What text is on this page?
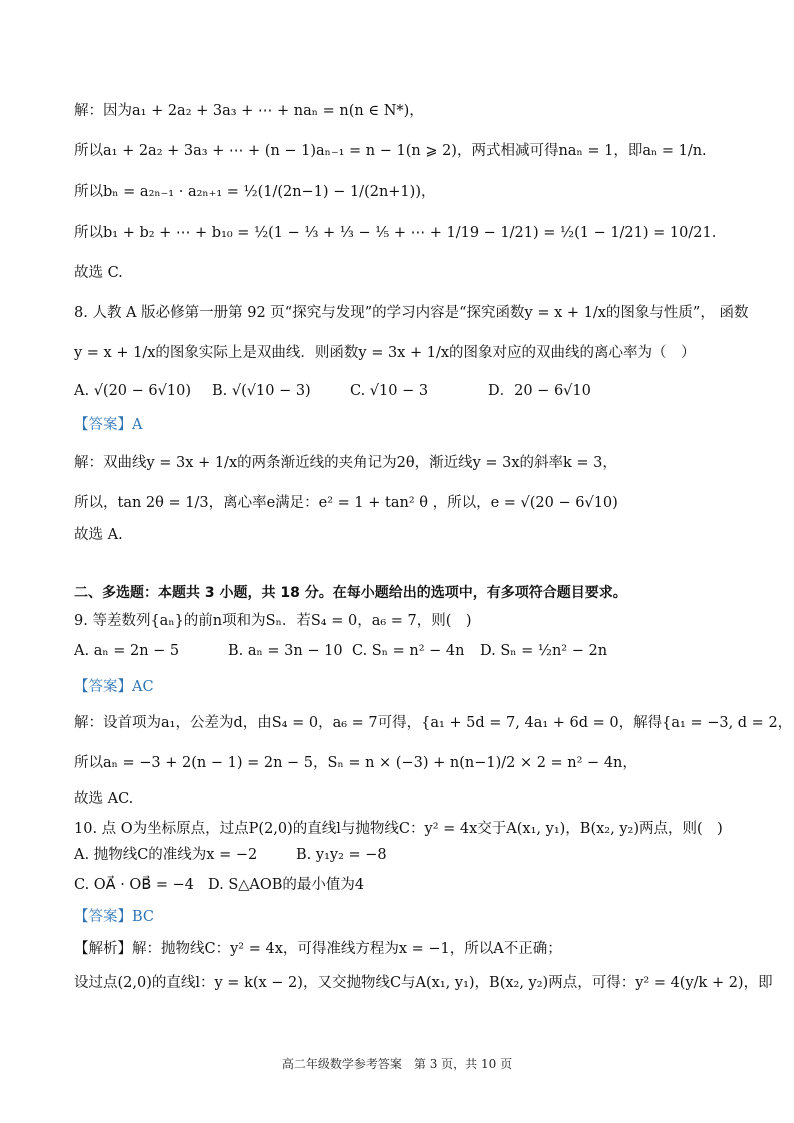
解：因为a₁ + 2a₂ + 3a₃ + ⋯ + naₙ = n(n ∈ N*)，
所以a₁ + 2a₂ + 3a₃ + ⋯ + (n − 1)aₙ₋₁ = n − 1(n ⩾ 2)，两式相减可得naₙ = 1，即aₙ = 1/n.
所以bₙ = a₂ₙ₋₁ · a₂ₙ₊₁ = ½(1/(2n−1) − 1/(2n+1))，
所以b₁ + b₂ + ⋯ + b₁₀ = ½(1 − ⅓ + ⅓ − ⅕ + ⋯ + 1/19 − 1/21) = ½(1 − 1/21) = 10/21.
故选 C.
8. 人教 A 版必修第一册第 92 页“探究与发现”的学习内容是“探究函数y = x + 1/x的图象与性质”， 函数
y = x + 1/x的图象实际上是双曲线．则函数y = 3x + 1/x的图象对应的双曲线的离心率为（　）
A. √(20 − 6√10) B. √(√10 − 3)	C. √10 − 3	D．20 − 6√10
【答案】A
解：双曲线y = 3x + 1/x的两条渐近线的夹角记为2θ，渐近线y = 3x的斜率k = 3，
所以，tan 2θ = 1/3，离心率e满足：e² = 1 + tan² θ ，所以，e = √(20 − 6√10)
故选 A.
二、多选题：本题共 3 小题，共 18 分。在每小题给出的选项中，有多项符合题目要求。
9. 等差数列{aₙ}的前n项和为Sₙ．若S₄ = 0，a₆ = 7，则(　)
A. aₙ = 2n − 5	B. aₙ = 3n − 10 C. Sₙ = n² − 4n D. Sₙ = ½n² − 2n
【答案】AC
解：设首项为a₁，公差为d，由S₄ = 0，a₆ = 7可得，{a₁ + 5d = 7, 4a₁ + 6d = 0，解得{a₁ = −3, d = 2，
所以aₙ = −3 + 2(n − 1) = 2n − 5，Sₙ = n × (−3) + n(n−1)/2 × 2 = n² − 4n，
故选 AC.
10. 点 O为坐标原点，过点P(2,0)的直线l与抛物线C：y² = 4x交于A(x₁, y₁)，B(x₂, y₂)两点，则(　)
A. 抛物线C的准线为x = −2	B. y₁y₂ = −8
C. OA⃗ · OB⃗ = −4 D. S△AOB的最小值为4
【答案】BC
【解析】解：抛物线C：y² = 4x，可得准线方程为x = −1，所以A不正确；
设过点(2,0)的直线l：y = k(x − 2)，又交抛物线C与A(x₁, y₁)，B(x₂, y₂)两点，可得：y² = 4(y/k + 2)，即
高二年级数学参考答案　第 3 页，共 10 页
